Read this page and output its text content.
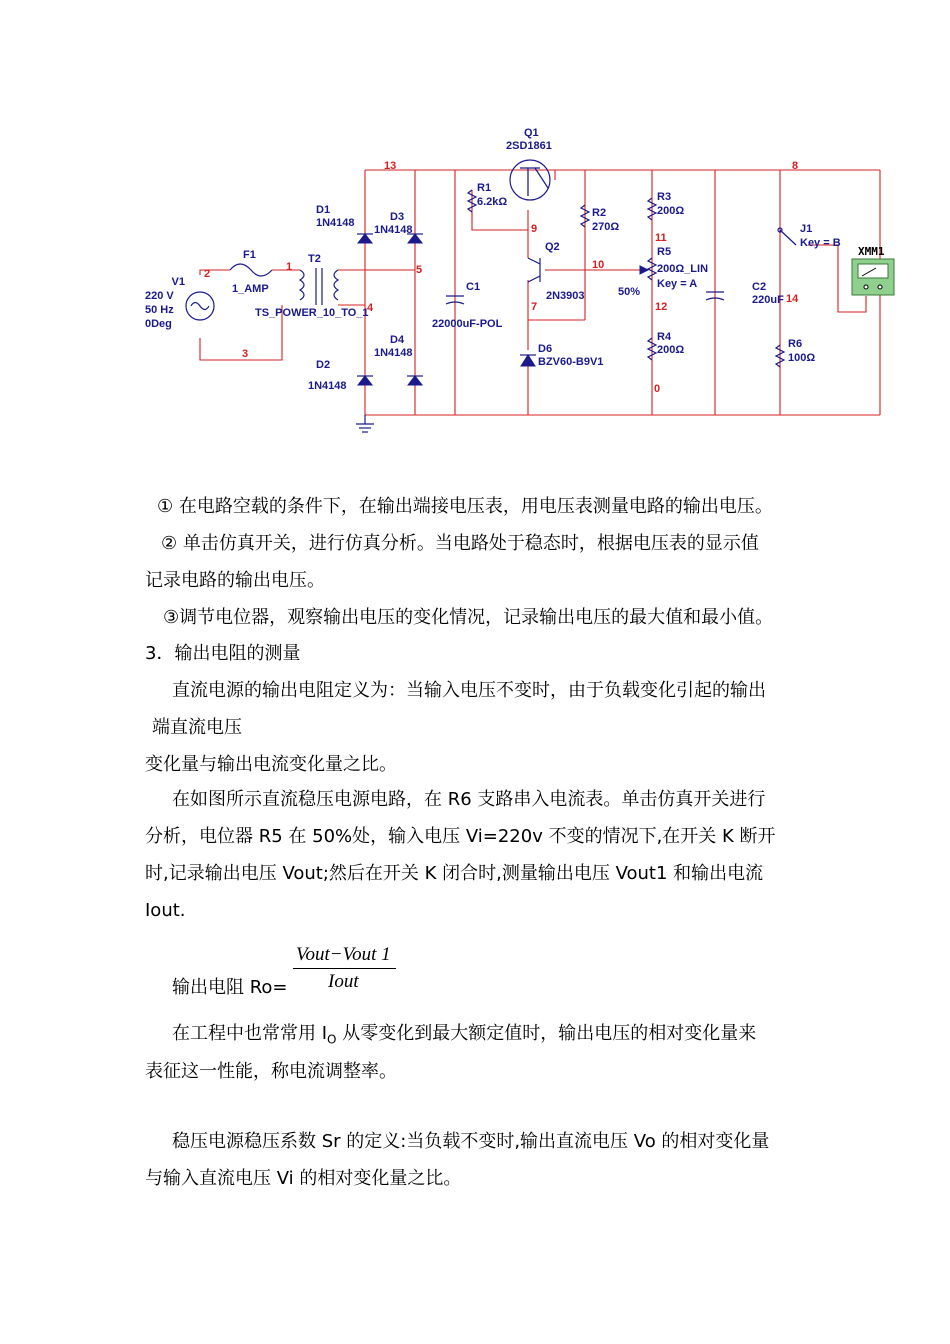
V1
220 V
50 Hz
0Deg
F1
1_AMP
T2
TS_POWER_10_TO_1
D1
1N4148
D2
1N4148
D3
1N4148
D4
1N4148
C1
22000uF-POL
Q1
2SD1861
Q2
2N3903
R1
6.2kΩ
R2
270Ω
R3
200Ω
R4
200Ω
R5
200Ω_LIN
Key = A
50%
R6
100Ω
D6
BZV60-B9V1
C2
220uF
J1
Key = B
XMM1
2
1
3
13
5
4
9
10
7
11
12
0
8
14
① 在电路空载的条件下，在输出端接电压表，用电压表测量电路的输出电压。
② 单击仿真开关，进行仿真分析。当电路处于稳态时，根据电压表的显示值
记录电路的输出电压。
③调节电位器，观察输出电压的变化情况，记录输出电压的最大值和最小值。
3．输出电阻的测量
直流电源的输出电阻定义为：当输入电压不变时，由于负载变化引起的输出
端直流电压
变化量与输出电流变化量之比。
在如图所示直流稳压电源电路，在 R6 支路串入电流表。单击仿真开关进行
分析，电位器 R5 在 50%处，输入电压 Vi=220v 不变的情况下,在开关 K 断开
时,记录输出电压 Vout;然后在开关 K 闭合时,测量输出电压 Vout1 和输出电流
Iout.
输出电阻 Ro=
Vout−Vout 1
Iout
在工程中也常常用 $I_O$ 从零变化到最大额定值时，输出电压的相对变化量来
表征这一性能，称电流调整率。
稳压电源稳压系数 Sr 的定义:当负载不变时,输出直流电压 Vo 的相对变化量
与输入直流电压 Vi 的相对变化量之比。
